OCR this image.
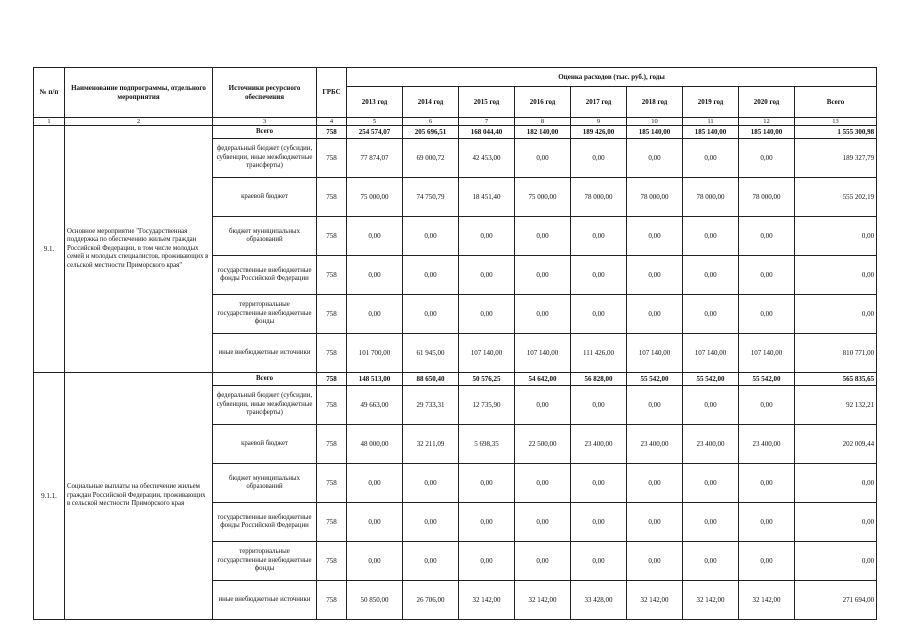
№ п/п	Наименование подпрограммы, отдельного мероприятия	Источники ресурсного обеспечения	ГРБС	Оценка расходов (тыс. руб.), годы								
				2013 год	2014 год	2015 год	2016 год	2017 год	2018 год	2019 год	2020 год	Всего
1	2	3	4	5	6	7	8	9	10	11	12	13
9.1.	Основное мероприятие "Государственная поддержка по обеспечению жильем граждан Российской Федерации, в том числе молодых семей и молодых специалистов, проживающих в сельской местности Приморского края"	Всего	758	254 574,07	205 696,51	168 044,40	182 140,00	189 426,00	185 140,00	185 140,00	185 140,00	1 555 300,98
		федеральный бюджет (субсидии, субвенции, иные межбюджетные трансферты)	758	77 874,07	69 000,72	42 453,00	0,00	0,00	0,00	0,00	0,00	189 327,79
		краевой бюджет	758	75 000,00	74 750,79	18 451,40	75 000,00	78 000,00	78 000,00	78 000,00	78 000,00	555 202,19
		бюджет муниципальных образований	758	0,00	0,00	0,00	0,00	0,00	0,00	0,00	0,00	0,00
		государственные внебюджетные фонды Российской Федерации	758	0,00	0,00	0,00	0,00	0,00	0,00	0,00	0,00	0,00
		территориальные государственные внебюджетные фонды	758	0,00	0,00	0,00	0,00	0,00	0,00	0,00	0,00	0,00
		иные внебюджетные источники	758	101 700,00	61 945,00	107 140,00	107 140,00	111 426,00	107 140,00	107 140,00	107 140,00	810 771,00
9.1.1.	Социальные выплаты на обеспечение жильем граждан Российской Федерации, проживающих в сельской местности Приморского края	Всего	758	148 513,00	88 650,40	50 576,25	54 642,00	56 828,00	55 542,00	55 542,00	55 542,00	565 835,65
		федеральный бюджет (субсидии, субвенции, иные межбюджетные трансферты)	758	49 663,00	29 733,31	12 735,90	0,00	0,00	0,00	0,00	0,00	92 132,21
		краевой бюджет	758	48 000,00	32 211,09	5 698,35	22 500,00	23 400,00	23 400,00	23 400,00	23 400,00	202 009,44
		бюджет муниципальных образований	758	0,00	0,00	0,00	0,00	0,00	0,00	0,00	0,00	0,00
		государственные внебюджетные фонды Российской Федерации	758	0,00	0,00	0,00	0,00	0,00	0,00	0,00	0,00	0,00
		территориальные государственные внебюджетные фонды	758	0,00	0,00	0,00	0,00	0,00	0,00	0,00	0,00	0,00
		иные внебюджетные источники	758	50 850,00	26 706,00	32 142,00	32 142,00	33 428,00	32 142,00	32 142,00	32 142,00	271 694,00
